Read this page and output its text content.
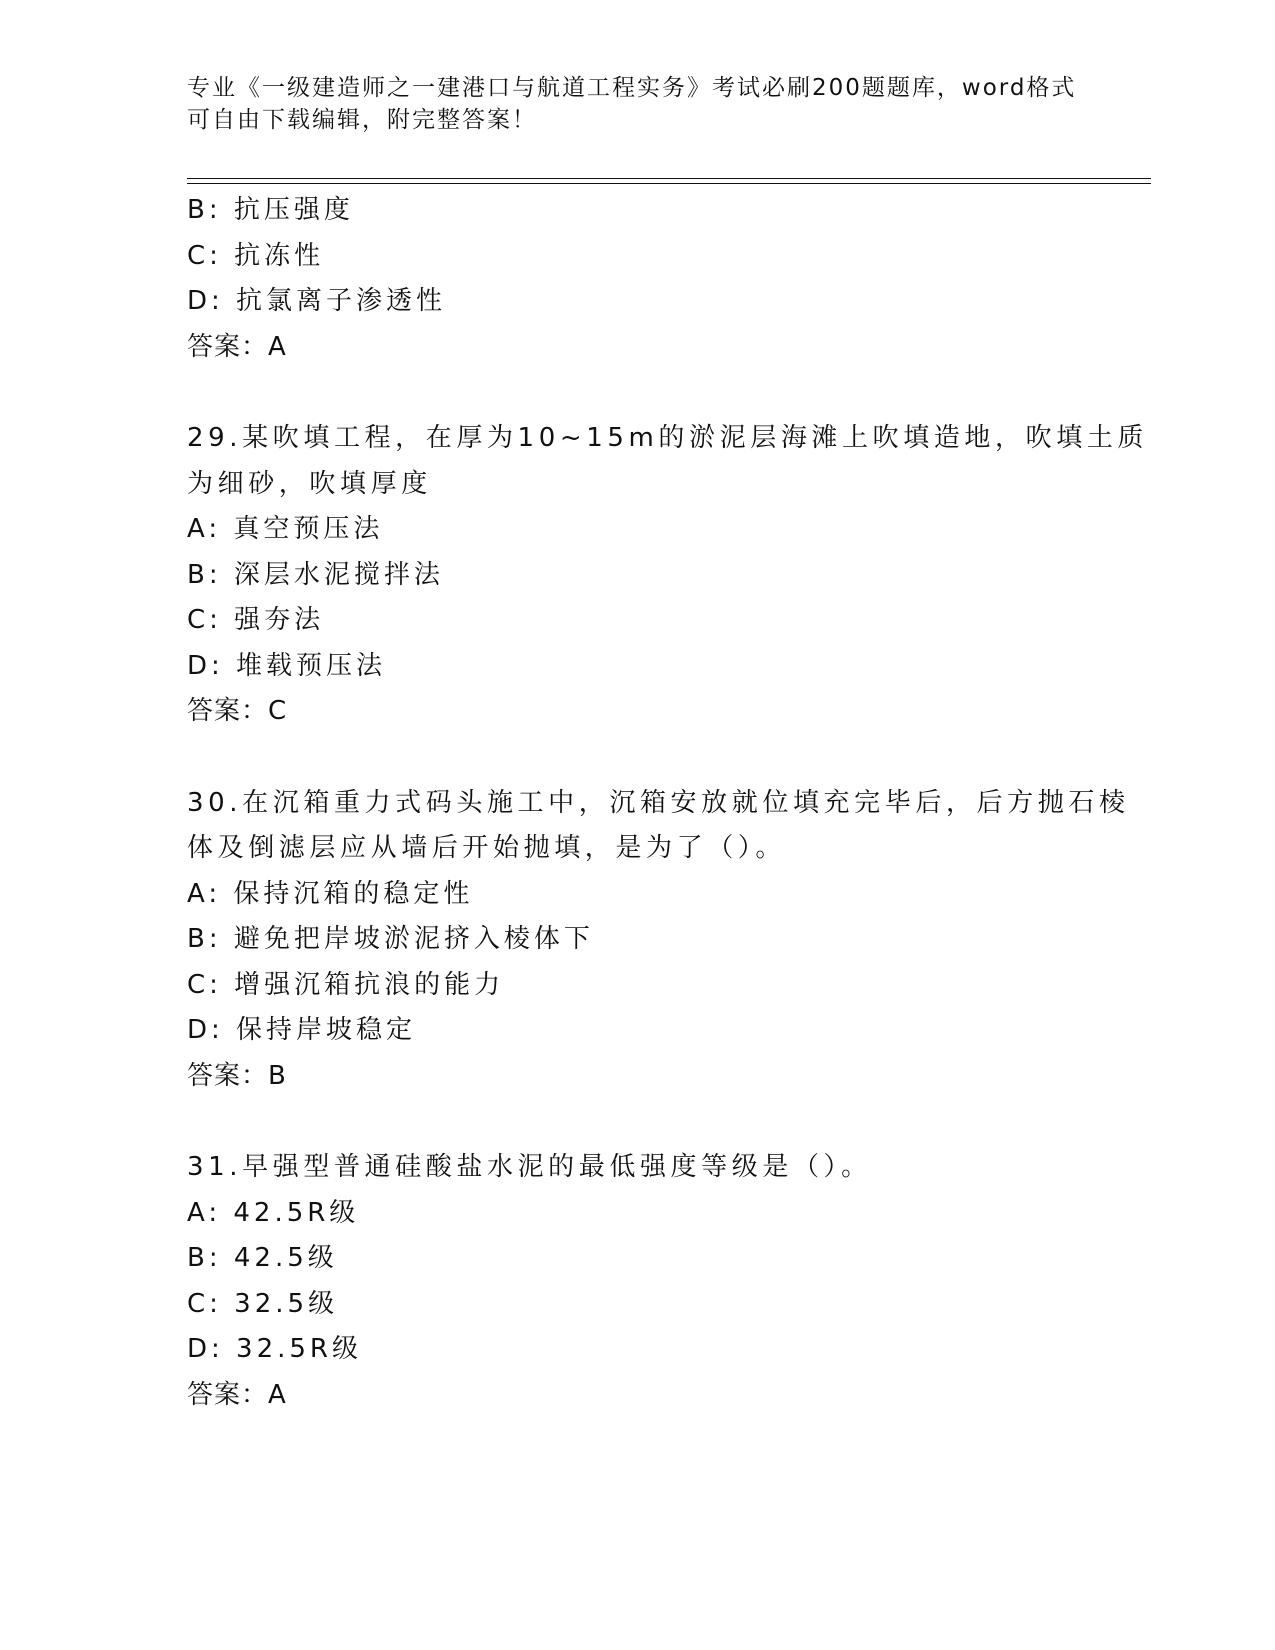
专业《一级建造师之一建港口与航道工程实务》考试必刷200题题库，word格式
可自由下载编辑，附完整答案！
B: 抗压强度
C: 抗冻性
D: 抗氯离子渗透性
答案：A
29.某吹填工程，在厚为10~15m的淤泥层海滩上吹填造地，吹填土质
为细砂，吹填厚度
A: 真空预压法
B: 深层水泥搅拌法
C: 强夯法
D: 堆载预压法
答案：C
30.在沉箱重力式码头施工中，沉箱安放就位填充完毕后，后方抛石棱
体及倒滤层应从墙后开始抛填，是为了（）。
A: 保持沉箱的稳定性
B: 避免把岸坡淤泥挤入棱体下
C: 增强沉箱抗浪的能力
D: 保持岸坡稳定
答案：B
31.早强型普通硅酸盐水泥的最低强度等级是（）。
A: 42.5R级
B: 42.5级
C: 32.5级
D: 32.5R级
答案：A
